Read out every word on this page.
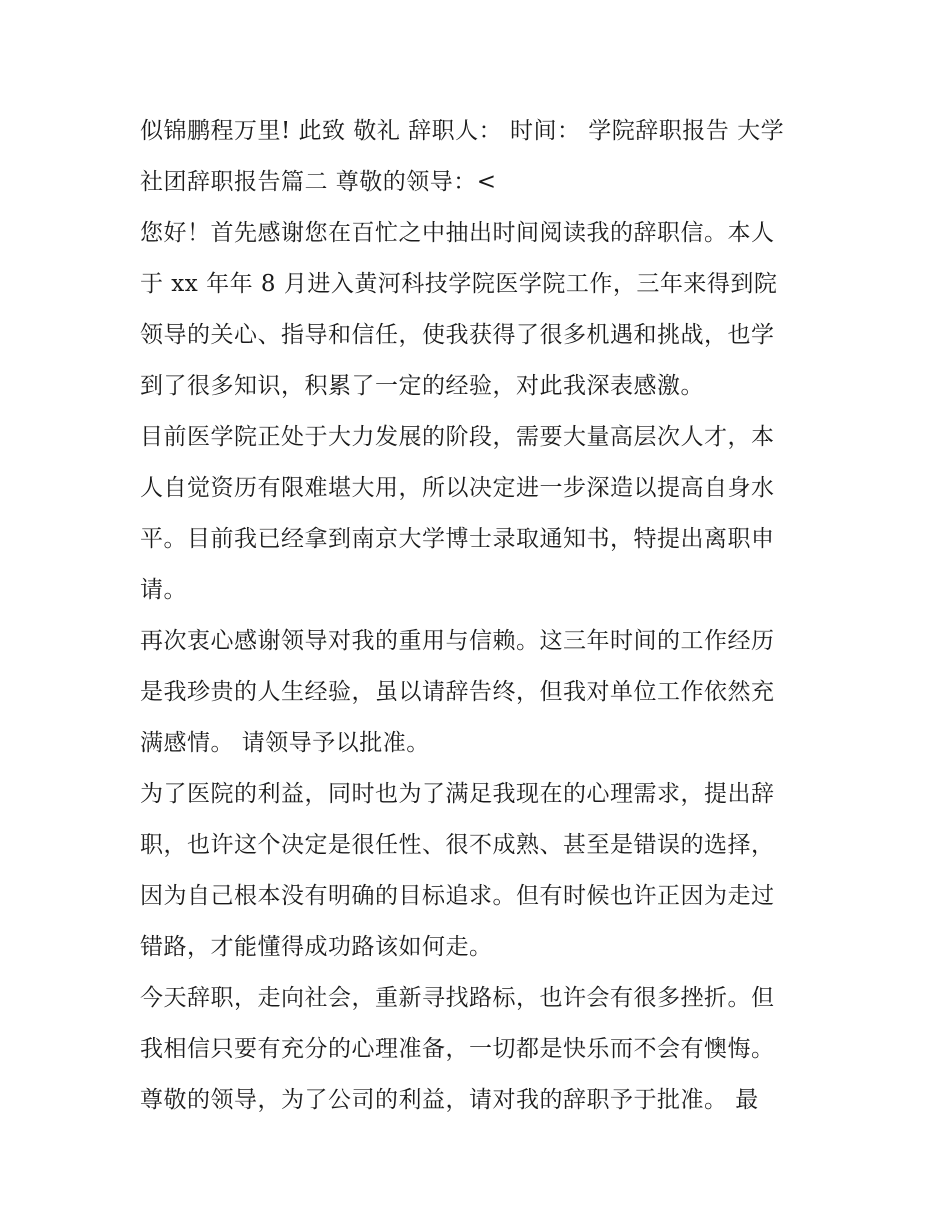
似锦鹏程万里! 此致 敬礼 辞职人： 时间： 学院辞职报告 大学
社团辞职报告篇二 尊敬的领导：<

您好！首先感谢您在百忙之中抽出时间阅读我的辞职信。本人
于 xx 年年 8 月进入黄河科技学院医学院工作，三年来得到院
领导的关心、指导和信任，使我获得了很多机遇和挑战，也学
到了很多知识，积累了一定的经验，对此我深表感激。

目前医学院正处于大力发展的阶段，需要大量高层次人才，本
人自觉资历有限难堪大用，所以决定进一步深造以提高自身水
平。目前我已经拿到南京大学博士录取通知书，特提出离职申
请。

再次衷心感谢领导对我的重用与信赖。这三年时间的工作经历
是我珍贵的人生经验，虽以请辞告终，但我对单位工作依然充
满感情。 请领导予以批准。

为了医院的利益，同时也为了满足我现在的心理需求，提出辞
职，也许这个决定是很任性、很不成熟、甚至是错误的选择，
因为自己根本没有明确的目标追求。但有时候也许正因为走过
错路，才能懂得成功路该如何走。

今天辞职，走向社会，重新寻找路标，也许会有很多挫折。但
我相信只要有充分的心理准备，一切都是快乐而不会有懊悔。
尊敬的领导，为了公司的利益，请对我的辞职予于批准。 最
